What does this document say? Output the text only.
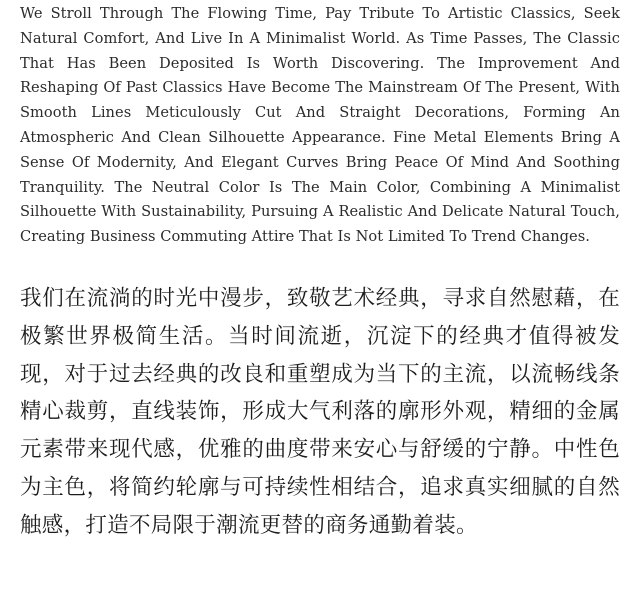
We Stroll Through The Flowing Time, Pay Tribute To Artistic Classics, Seek Natural Comfort, And Live In A Minimalist World. As Time Passes, The Classic That Has Been Deposited Is Worth Discovering. The Improvement And Reshaping Of Past Classics Have Become The Mainstream Of The Present, With Smooth Lines Meticulously Cut And Straight Decorations, Forming An Atmospheric And Clean Silhouette Appearance. Fine Metal Elements Bring A Sense Of Modernity, And Elegant Curves Bring Peace Of Mind And Soothing Tranquility. The Neutral Color Is The Main Color, Combining A Minimalist Silhouette With Sustainability, Pursuing A Realistic And Delicate Natural Touch, Creating Business Commuting Attire That Is Not Limited To Trend Changes.

我们在流淌的时光中漫步，致敬艺术经典，寻求自然慰藉，在极繁世界极简生活。当时间流逝，沉淀下的经典才值得被发现，对于过去经典的改良和重塑成为当下的主流，以流畅线条精心裁剪，直线装饰，形成大气利落的廓形外观，精细的金属元素带来现代感，优雅的曲度带来安心与舒缓的宁静。中性色为主色，将简约轮廓与可持续性相结合，追求真实细腻的自然触感，打造不局限于潮流更替的商务通勤着装。
